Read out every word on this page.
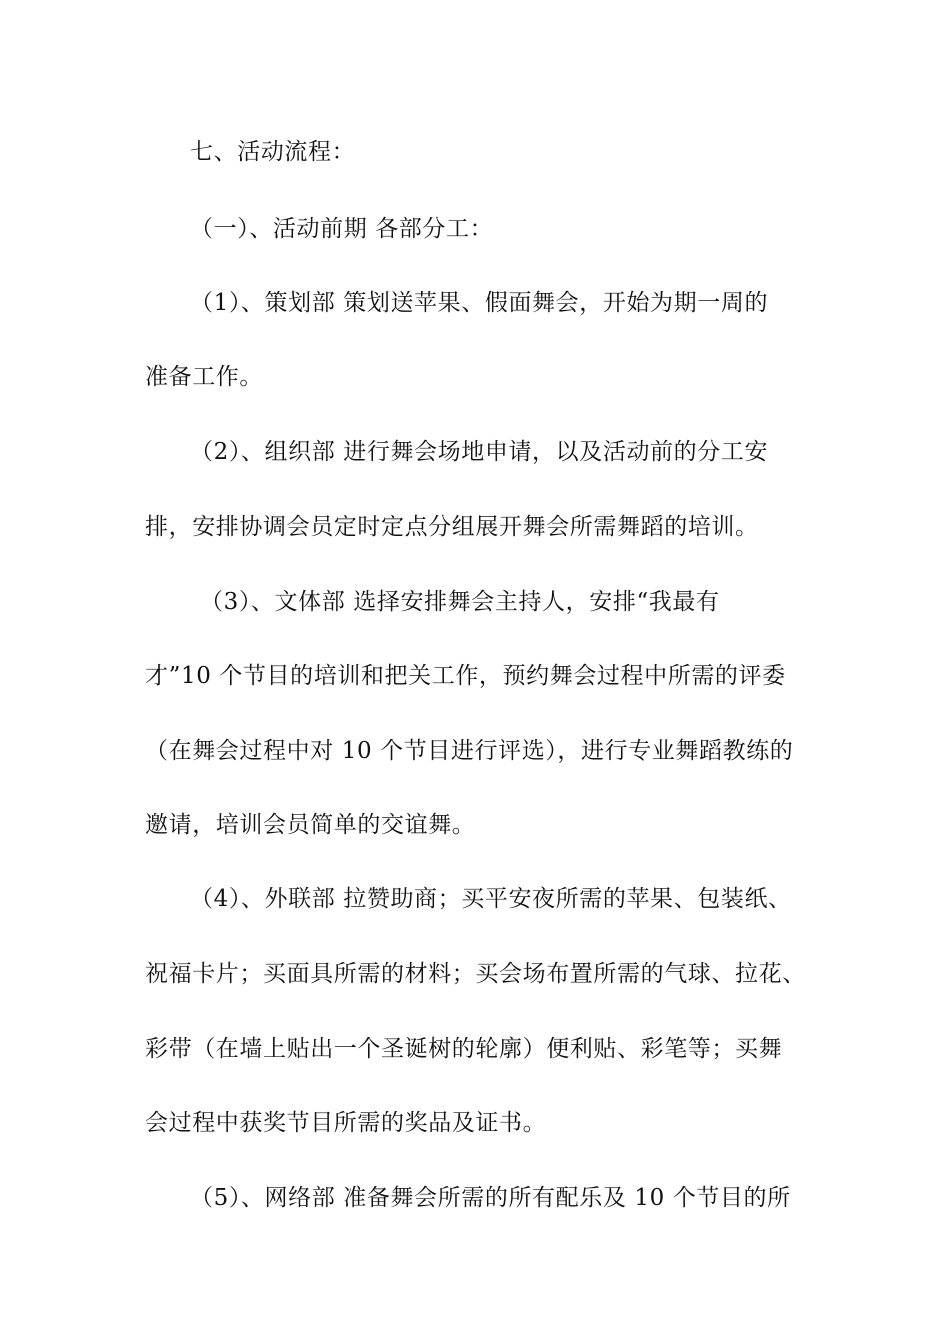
七、活动流程：
（一）、活动前期 各部分工：
（1）、策划部 策划送苹果、假面舞会，开始为期一周的
准备工作。
（2）、组织部 进行舞会场地申请，以及活动前的分工安
排，安排协调会员定时定点分组展开舞会所需舞蹈的培训。
（3）、文体部 选择安排舞会主持人，安排“我最有
才”10 个节目的培训和把关工作，预约舞会过程中所需的评委
（在舞会过程中对 10 个节目进行评选），进行专业舞蹈教练的
邀请，培训会员简单的交谊舞。
（4）、外联部 拉赞助商；买平安夜所需的苹果、包装纸、
祝福卡片；买面具所需的材料；买会场布置所需的气球、拉花、
彩带（在墙上贴出一个圣诞树的轮廓）便利贴、彩笔等；买舞
会过程中获奖节目所需的奖品及证书。
（5）、网络部 准备舞会所需的所有配乐及 10 个节目的所
